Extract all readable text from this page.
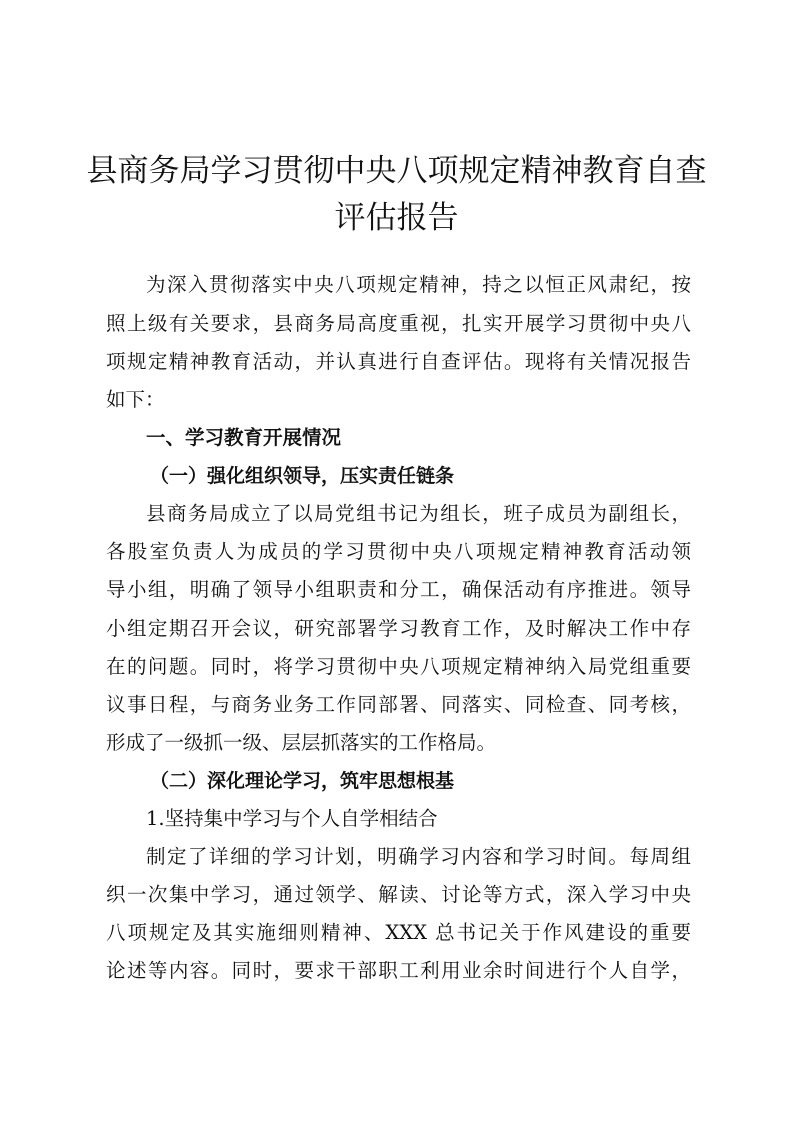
县商务局学习贯彻中央八项规定精神教育自查
评估报告
为深入贯彻落实中央八项规定精神，持之以恒正风肃纪，按
照上级有关要求，县商务局高度重视，扎实开展学习贯彻中央八
项规定精神教育活动，并认真进行自查评估。现将有关情况报告
如下：
一、学习教育开展情况
（一）强化组织领导，压实责任链条
县商务局成立了以局党组书记为组长，班子成员为副组长，
各股室负责人为成员的学习贯彻中央八项规定精神教育活动领
导小组，明确了领导小组职责和分工，确保活动有序推进。领导
小组定期召开会议，研究部署学习教育工作，及时解决工作中存
在的问题。同时，将学习贯彻中央八项规定精神纳入局党组重要
议事日程，与商务业务工作同部署、同落实、同检查、同考核，
形成了一级抓一级、层层抓落实的工作格局。
（二）深化理论学习，筑牢思想根基
1.坚持集中学习与个人自学相结合
制定了详细的学习计划，明确学习内容和学习时间。每周组
织一次集中学习，通过领学、解读、讨论等方式，深入学习中央
八项规定及其实施细则精神、XXX 总书记关于作风建设的重要
论述等内容。同时，要求干部职工利用业余时间进行个人自学，
